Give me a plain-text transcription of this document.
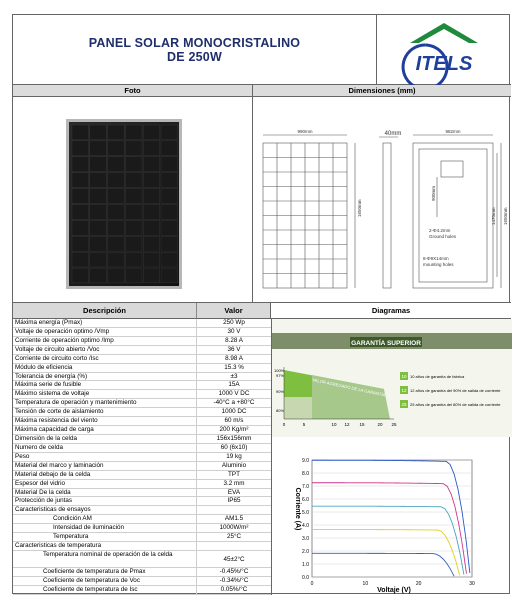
PANEL SOLAR MONOCRISTALINO
DE 250W	ITELS
Foto	Dimensiones (mm)
990mm
1650mm
40mm	982mm
900mm
1470mm 1650mm
2-Φ4.2mm
Ground holes
8-Φ9X14mm
mounting holes
Descripción	Valor	Diagramas
Máxima energía (Pmax)	250 Wp
Voltaje de operación optimo /Vmp	30 V
Corriente de operación optimo /Imp	8.28 A
Voltaje de circuito abierto /Voc	36 V
Corriente de circuito corto /Isc	8.98 A
Módulo de eficiencia	15.3 %
Tolerancia de energía (%)	±3
Máxima serie de fusible	15A
Máximo sistema de voltaje	1000 V DC
Temperatura de operación y mantenimiento	-40°C a +80°C
Tensión de corte de aislamiento	1000 DC
Máxima resistencia del viento	60 m/s
Máxima capacidad de carga	200 Kg/m²
Dimensión de la celda	156x156mm
Numero de celda	60 (6x10)
Peso	19 kg
Material del marco y laminación	Aluminio
Material debajo de la celda	TPT
Espesor del vidrio	3.2 mm
Material De la celda	EVA
Protección de juntas	IP65
Caracteristicas de ensayos
Condición AM	AM1.5
Intensidad de iluminación	1000W/m²
Temperatura	25°C
Caracteristicas de temperatura
Temperatura nominal de operación de la celda
45±2°C
Coeficiente de temperatura de Pmax	-0.45%/°C
Coeficiente de temperatura de Voc	-0.34%/°C
Coeficiente de temperatura de Isc	0.05%/°C
GARANTÍA SUPERIOR
VALOR AGREGADO DE LA GARANTÍA
100%
97%
90%
80%
0	5	10 12 15	20 25
10 10 años de garantía de fabrica
12 12 años de garantía del 90% de salida de corriente
25 25 años de garantía del 80% de salida de corriente
0.0
1.0
2.0
3.0
4.0
5.0
6.0
7.0
8.0
9.0
0	10	20	30
Voltaje (V)
Corriente (A)
